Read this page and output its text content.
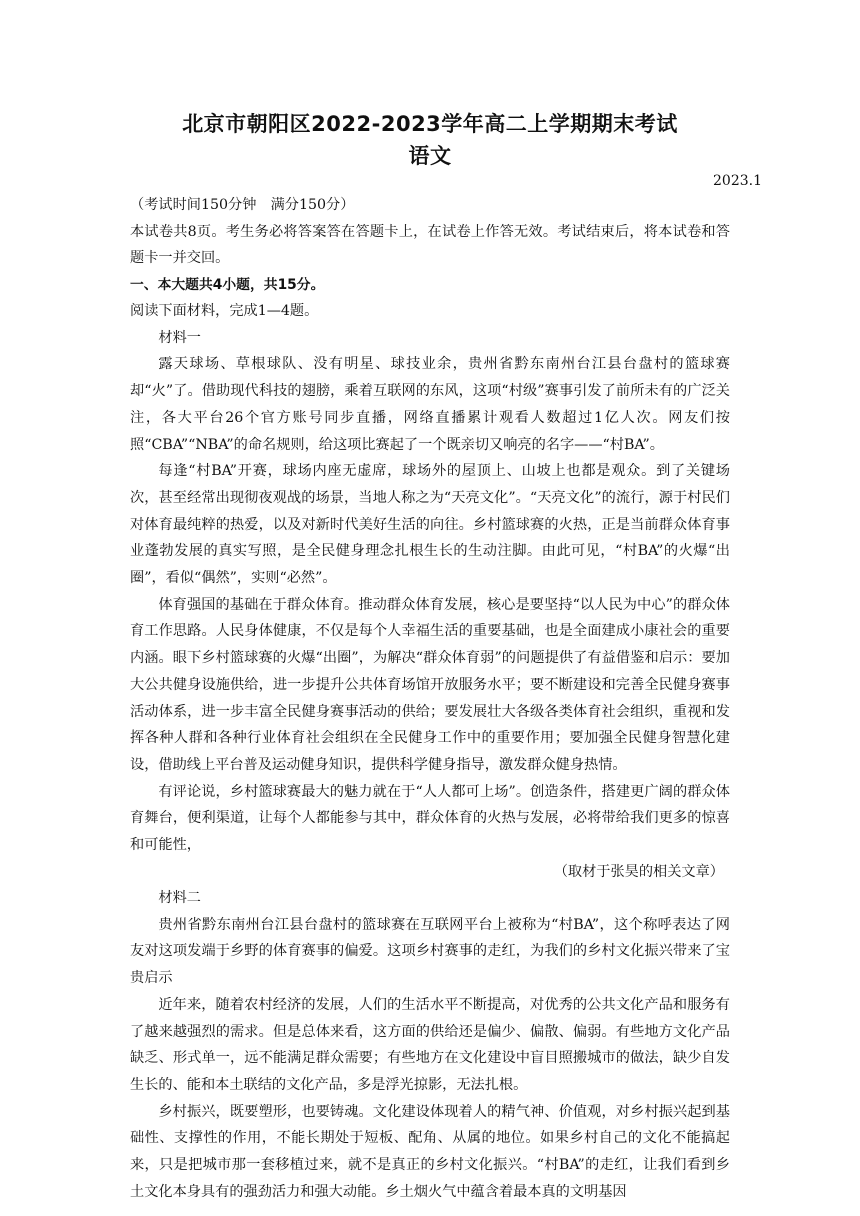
北京市朝阳区2022-2023学年高二上学期期末考试
语文
2023.1
（考试时间150分钟　满分150分）

本试卷共8页。考生务必将答案答在答题卡上，在试卷上作答无效。考试结束后，将本试卷和答题卡一并交回。

一、本大题共4小题，共15分。
阅读下面材料，完成1—4题。
材料一

露天球场、草根球队、没有明星、球技业余，贵州省黔东南州台江县台盘村的篮球赛却“火”了。借助现代科技的翅膀，乘着互联网的东风，这项“村级”赛事引发了前所未有的广泛关注，各大平台26个官方账号同步直播，网络直播累计观看人数超过1亿人次。网友们按照“CBA”“NBA”的命名规则，给这项比赛起了一个既亲切又响亮的名字——“村BA”。

每逢“村BA”开赛，球场内座无虚席，球场外的屋顶上、山坡上也都是观众。到了关键场次，甚至经常出现彻夜观战的场景，当地人称之为“天亮文化”。“天亮文化”的流行，源于村民们对体育最纯粹的热爱，以及对新时代美好生活的向往。乡村篮球赛的火热，正是当前群众体育事业蓬勃发展的真实写照，是全民健身理念扎根生长的生动注脚。由此可见，“村BA”的火爆“出圈”，看似“偶然”，实则“必然”。

体育强国的基础在于群众体育。推动群众体育发展，核心是要坚持“以人民为中心”的群众体育工作思路。人民身体健康，不仅是每个人幸福生活的重要基础，也是全面建成小康社会的重要内涵。眼下乡村篮球赛的火爆“出圈”，为解决“群众体育弱”的问题提供了有益借鉴和启示：要加大公共健身设施供给，进一步提升公共体育场馆开放服务水平；要不断建设和完善全民健身赛事活动体系，进一步丰富全民健身赛事活动的供给；要发展壮大各级各类体育社会组织，重视和发挥各种人群和各种行业体育社会组织在全民健身工作中的重要作用；要加强全民健身智慧化建设，借助线上平台普及运动健身知识，提供科学健身指导，激发群众健身热情。

有评论说，乡村篮球赛最大的魅力就在于“人人都可上场”。创造条件，搭建更广阔的群众体育舞台，便利渠道，让每个人都能参与其中，群众体育的火热与发展，必将带给我们更多的惊喜和可能性，

（取材于张昊的相关文章）
材料二

贵州省黔东南州台江县台盘村的篮球赛在互联网平台上被称为“村BA”，这个称呼表达了网友对这项发端于乡野的体育赛事的偏爱。这项乡村赛事的走红，为我们的乡村文化振兴带来了宝贵启示

近年来，随着农村经济的发展，人们的生活水平不断提高，对优秀的公共文化产品和服务有了越来越强烈的需求。但是总体来看，这方面的供给还是偏少、偏散、偏弱。有些地方文化产品缺乏、形式单一，远不能满足群众需要；有些地方在文化建设中盲目照搬城市的做法，缺少自发生长的、能和本土联结的文化产品，多是浮光掠影，无法扎根。

乡村振兴，既要塑形，也要铸魂。文化建设体现着人的精气神、价值观，对乡村振兴起到基础性、支撑性的作用，不能长期处于短板、配角、从属的地位。如果乡村自己的文化不能搞起来，只是把城市那一套移植过来，就不是真正的乡村文化振兴。“村BA”的走红，让我们看到乡土文化本身具有的强劲活力和强大动能。乡土烟火气中蕴含着最本真的文明基因
